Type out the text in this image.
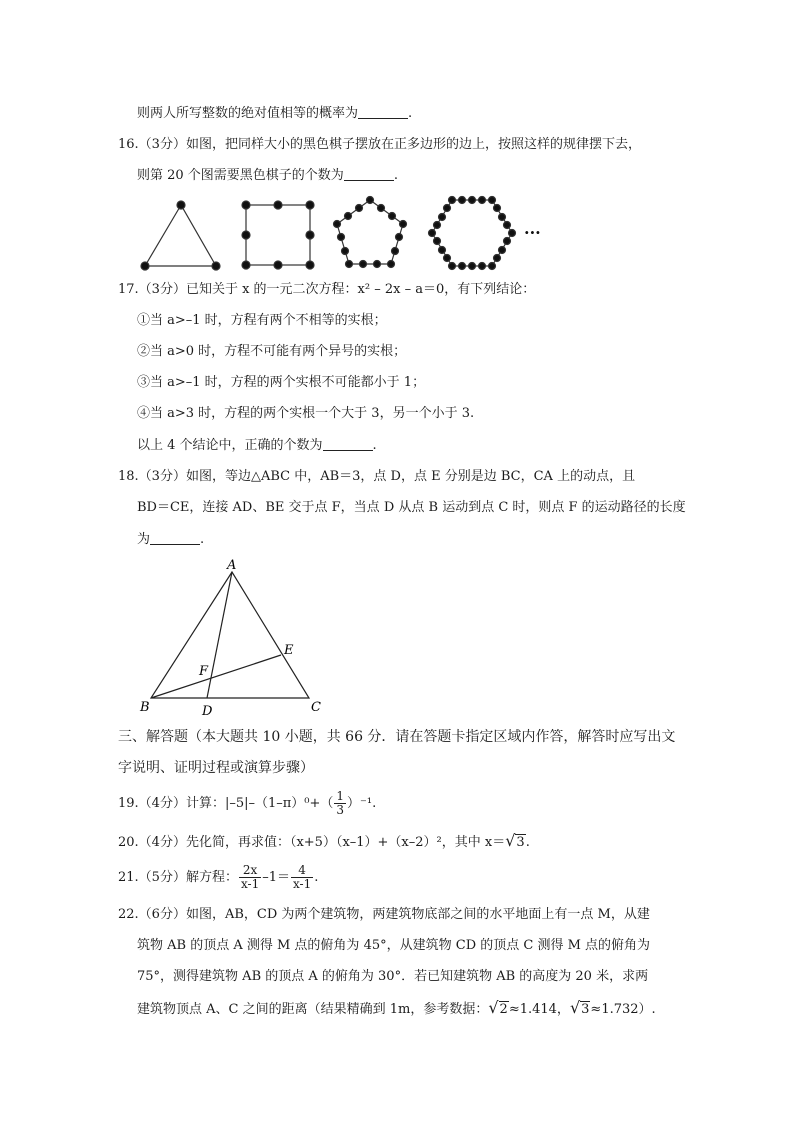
则两人所写整数的绝对值相等的概率为	.
16.（3分）如图，把同样大小的黑色棋子摆放在正多边形的边上，按照这样的规律摆下去，
则第 20 个图需要黑色棋子的个数为	.
···
17.（3分）已知关于 x 的一元二次方程：x² – 2x – a＝0，有下列结论：
①当 a>–1 时，方程有两个不相等的实根；
②当 a>0 时，方程不可能有两个异号的实根；
③当 a>–1 时，方程的两个实根不可能都小于 1；
④当 a>3 时，方程的两个实根一个大于 3，另一个小于 3.
以上 4 个结论中，正确的个数为	.
18.（3分）如图，等边△ABC 中，AB＝3，点 D，点 E 分别是边 BC，CA 上的动点，且
BD＝CE，连接 AD、BE 交于点 F，当点 D 从点 B 运动到点 C 时，则点 F 的运动路径的长度
为	.
A
B	C
D
E
F
三、解答题（本大题共 10 小题，共 66 分．请在答题卡指定区域内作答，解答时应写出文
字说明、证明过程或演算步骤）
19.（4分）计算：$|-5|-(1-\pi)^0+( \frac{1}{3} )^{-1}$.
20.（4分）先化简，再求值：（x+5）（x–1）+（x–2）²，其中 x＝√3.
21.（5分）解方程： $\frac{2x}{x-1} -1= \frac{4}{x-1}$ .
22.（6分）如图，AB，CD 为两个建筑物，两建筑物底部之间的水平地面上有一点 M，从建
筑物 AB 的顶点 A 测得 M 点的俯角为 45°，从建筑物 CD 的顶点 C 测得 M 点的俯角为
75°，测得建筑物 AB 的顶点 A 的俯角为 30°．若已知建筑物 AB 的高度为 20 米，求两
建筑物顶点 A、C 之间的距离（结果精确到 1m，参考数据：√2≈1.414，√3≈1.732）.
